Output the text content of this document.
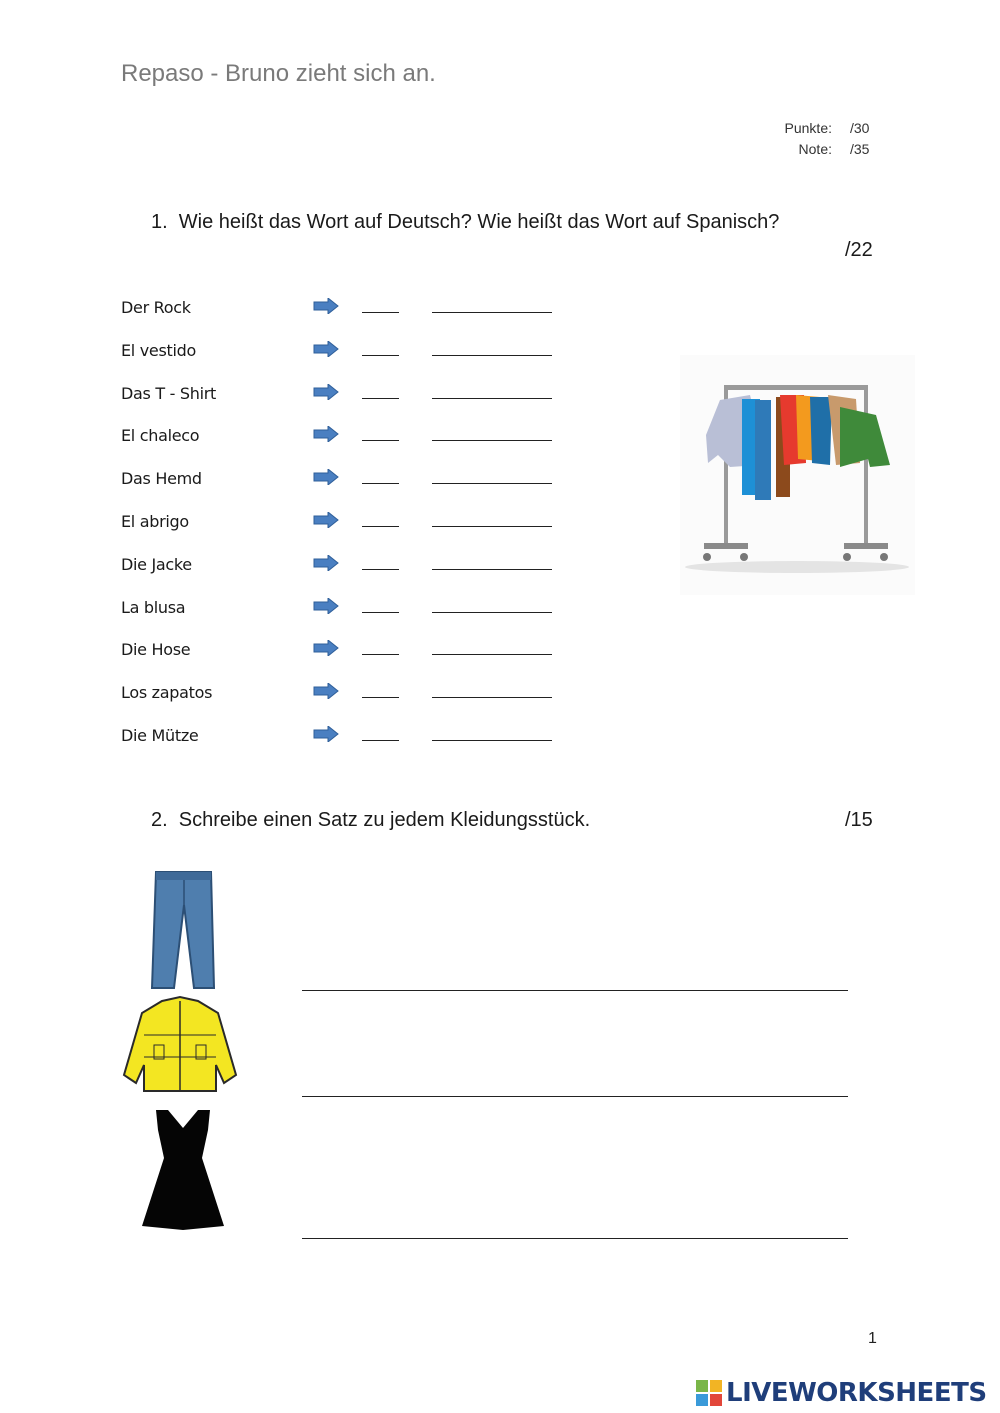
Repaso - Bruno zieht sich an.
Punkte: /30
Note: /35
1.  Wie heißt das Wort auf Deutsch? Wie heißt das Wort auf Spanisch?
/22
Der Rock
El vestido
Das T - Shirt
El chaleco
Das Hemd
El abrigo
Die Jacke
La blusa
Die Hose
Los zapatos
Die Mütze
2.  Schreibe einen Satz zu jedem Kleidungsstück.	/15
1
LIVEWORKSHEETS
